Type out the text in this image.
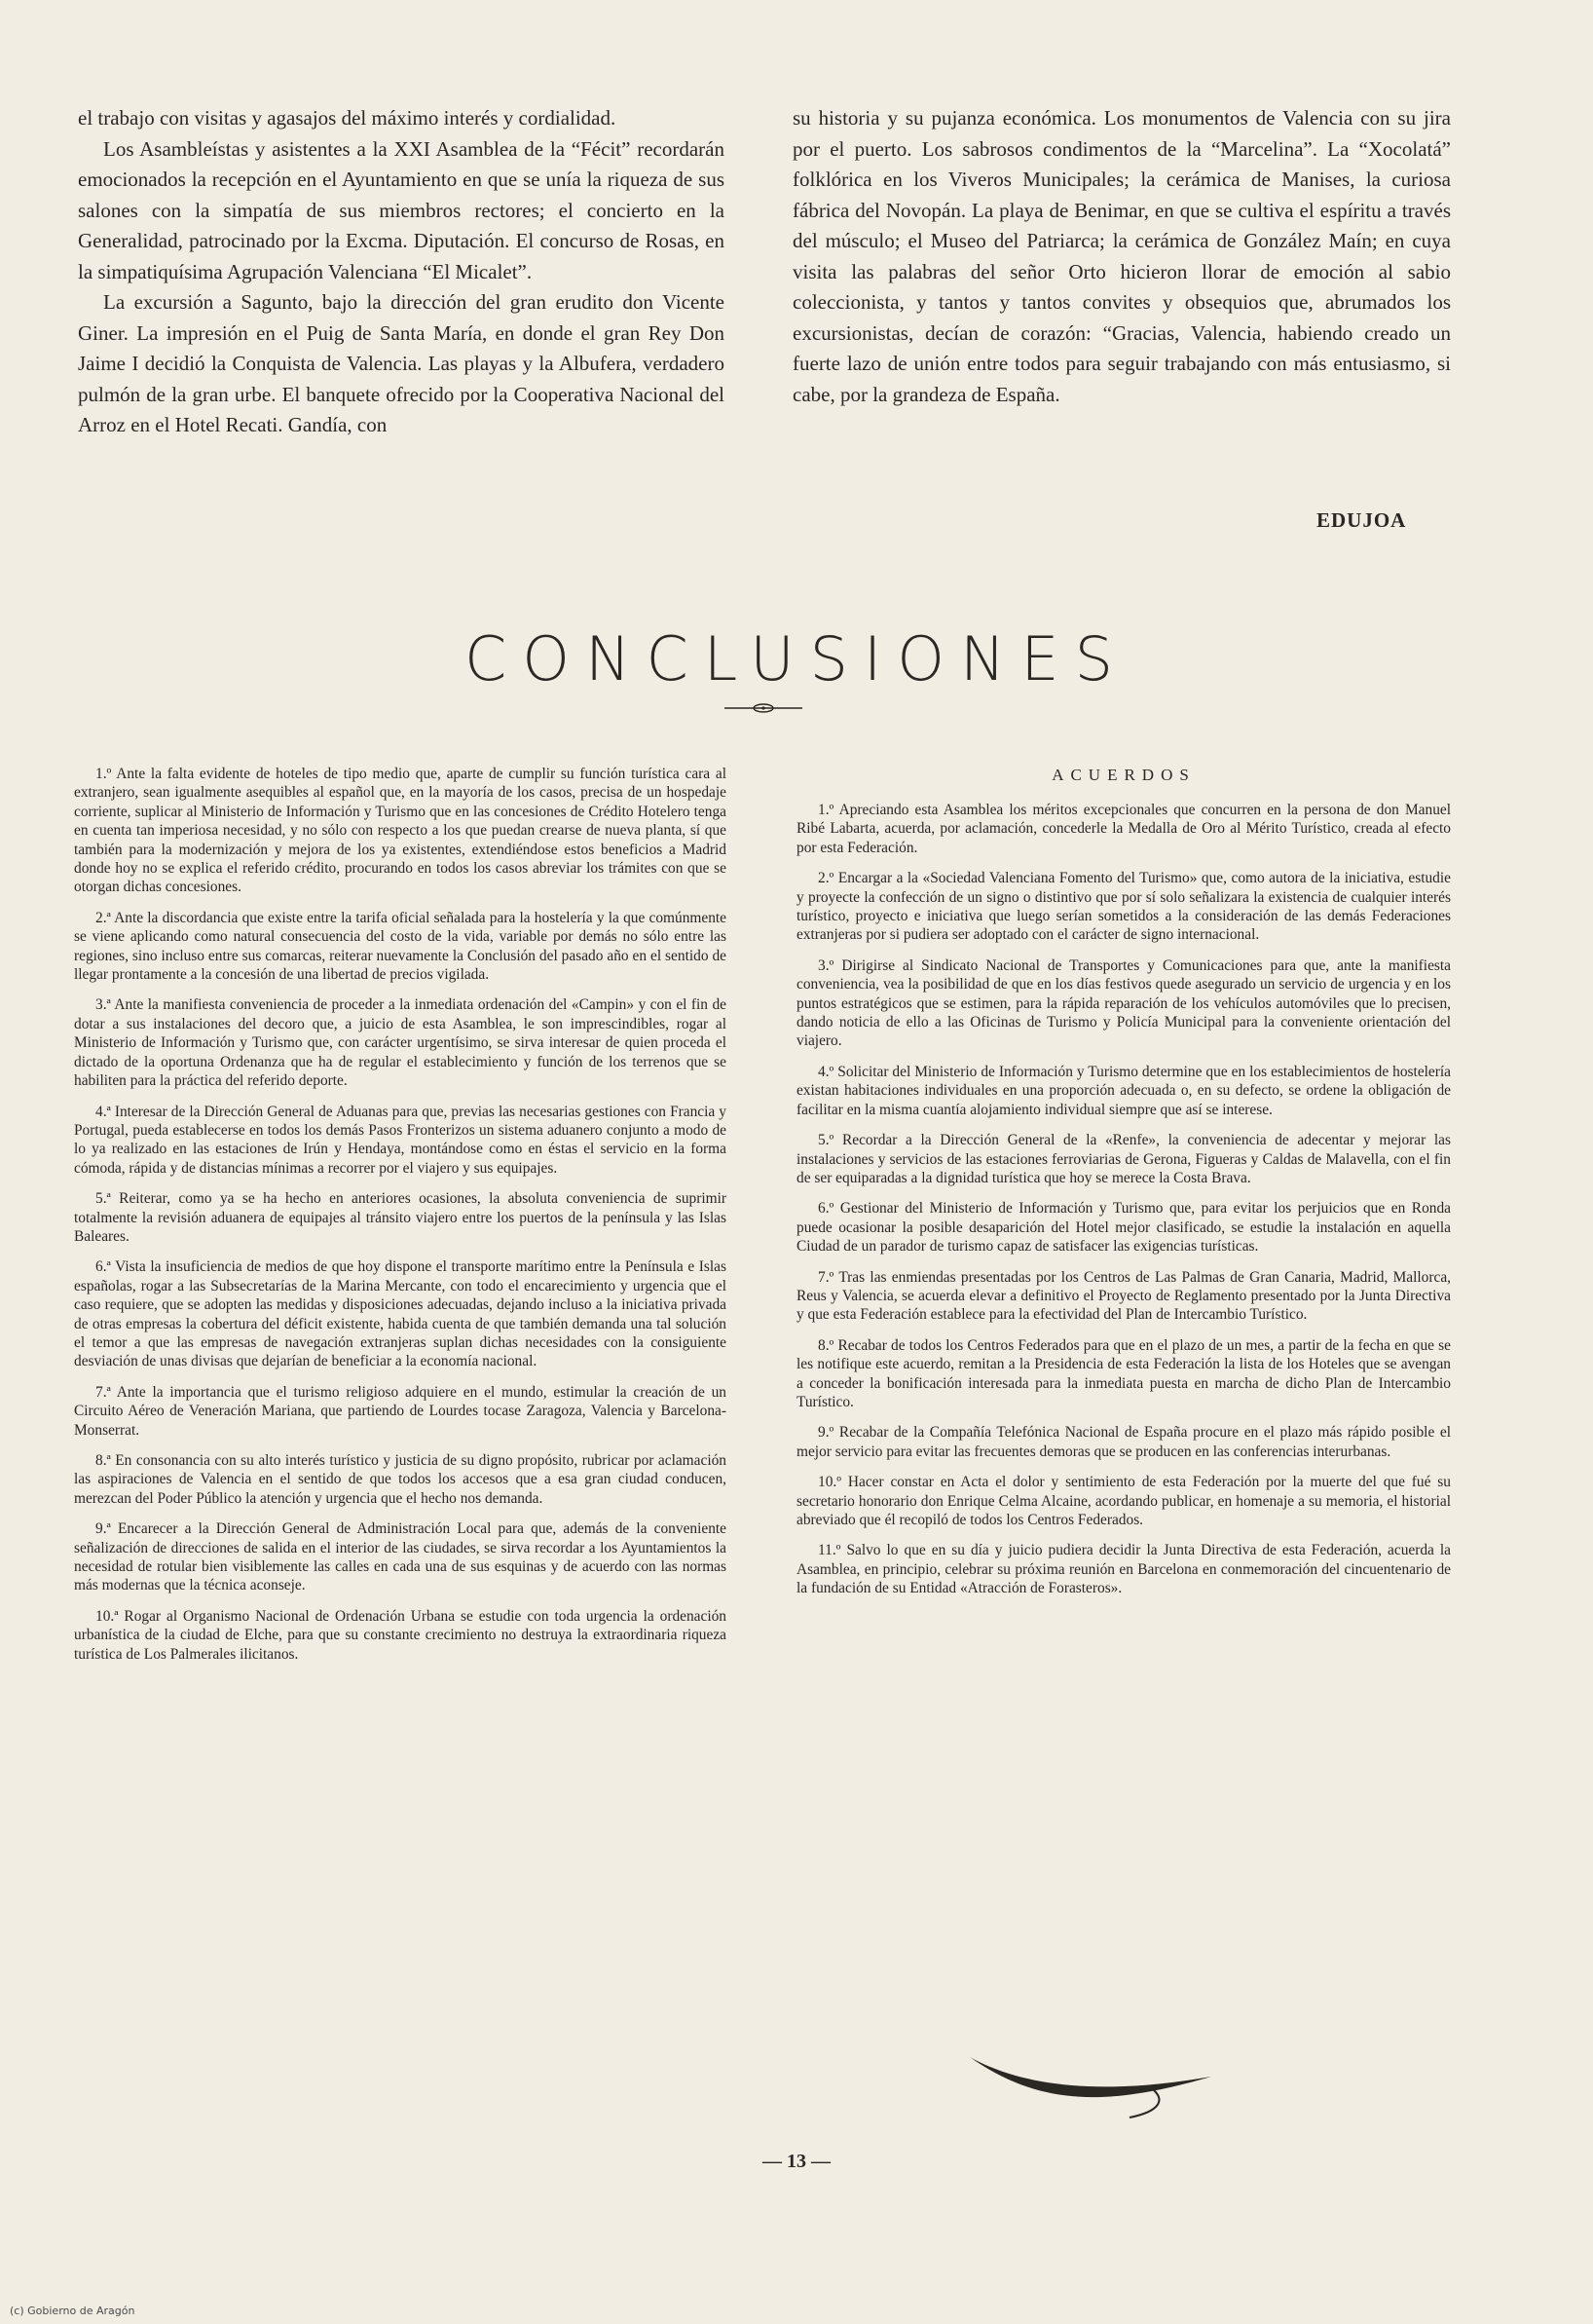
el trabajo con visitas y agasajos del máximo interés y cordialidad.

Los Asambleístas y asistentes a la XXI Asamblea de la “Fécit” recordarán emocionados la recepción en el Ayuntamiento en que se unía la riqueza de sus salones con la simpatía de sus miembros rectores; el concierto en la Generalidad, patrocinado por la Excma. Diputación. El concurso de Rosas, en la simpatiquísima Agrupación Valenciana “El Micalet”.

La excursión a Sagunto, bajo la dirección del gran erudito don Vicente Giner. La impresión en el Puig de Santa María, en donde el gran Rey Don Jaime I decidió la Conquista de Valencia. Las playas y la Albufera, verdadero pulmón de la gran urbe. El banquete ofrecido por la Cooperativa Nacional del Arroz en el Hotel Recati. Gandía, con

su historia y su pujanza económica. Los monumentos de Valencia con su jira por el puerto. Los sabrosos condimentos de la “Marcelina”. La “Xocolatá” folklórica en los Viveros Municipales; la cerámica de Manises, la curiosa fábrica del Novopán. La playa de Benimar, en que se cultiva el espíritu a través del músculo; el Museo del Patriarca; la cerámica de González Maín; en cuya visita las palabras del señor Orto hicieron llorar de emoción al sabio coleccionista, y tantos y tantos convites y obsequios que, abrumados los excursionistas, decían de corazón: “Gracias, Valencia, habiendo creado un fuerte lazo de unión entre todos para seguir trabajando con más entusiasmo, si cabe, por la grandeza de España.

EDUJOA
CONCLUSIONES

1.º Ante la falta evidente de hoteles de tipo medio que, aparte de cumplir su función turística cara al extranjero, sean igualmente asequibles al español que, en la mayoría de los casos, precisa de un hospedaje corriente, suplicar al Ministerio de Información y Turismo que en las concesiones de Crédito Hotelero tenga en cuenta tan imperiosa necesidad, y no sólo con respecto a los que puedan crearse de nueva planta, sí que también para la modernización y mejora de los ya existentes, extendiéndose estos beneficios a Madrid donde hoy no se explica el referido crédito, procurando en todos los casos abreviar los trámites con que se otorgan dichas concesiones.

2.ª Ante la discordancia que existe entre la tarifa oficial señalada para la hostelería y la que comúnmente se viene aplicando como natural consecuencia del costo de la vida, variable por demás no sólo entre las regiones, sino incluso entre sus comarcas, reiterar nuevamente la Conclusión del pasado año en el sentido de llegar prontamente a la concesión de una libertad de precios vigilada.

3.ª Ante la manifiesta conveniencia de proceder a la inmediata ordenación del «Campin» y con el fin de dotar a sus instalaciones del decoro que, a juicio de esta Asamblea, le son imprescindibles, rogar al Ministerio de Información y Turismo que, con carácter urgentísimo, se sirva interesar de quien proceda el dictado de la oportuna Ordenanza que ha de regular el establecimiento y función de los terrenos que se habiliten para la práctica del referido deporte.

4.ª Interesar de la Dirección General de Aduanas para que, previas las necesarias gestiones con Francia y Portugal, pueda establecerse en todos los demás Pasos Fronterizos un sistema aduanero conjunto a modo de lo ya realizado en las estaciones de Irún y Hendaya, montándose como en éstas el servicio en la forma cómoda, rápida y de distancias mínimas a recorrer por el viajero y sus equipajes.

5.ª Reiterar, como ya se ha hecho en anteriores ocasiones, la absoluta conveniencia de suprimir totalmente la revisión aduanera de equipajes al tránsito viajero entre los puertos de la península y las Islas Baleares.

6.ª Vista la insuficiencia de medios de que hoy dispone el transporte marítimo entre la Península e Islas españolas, rogar a las Subsecretarías de la Marina Mercante, con todo el encarecimiento y urgencia que el caso requiere, que se adopten las medidas y disposiciones adecuadas, dejando incluso a la iniciativa privada de otras empresas la cobertura del déficit existente, habida cuenta de que también demanda una tal solución el temor a que las empresas de navegación extranjeras suplan dichas necesidades con la consiguiente desviación de unas divisas que dejarían de beneficiar a la economía nacional.

7.ª Ante la importancia que el turismo religioso adquiere en el mundo, estimular la creación de un Circuito Aéreo de Veneración Mariana, que partiendo de Lourdes tocase Zaragoza, Valencia y Barcelona-Monserrat.

8.ª En consonancia con su alto interés turístico y justicia de su digno propósito, rubricar por aclamación las aspiraciones de Valencia en el sentido de que todos los accesos que a esa gran ciudad conducen, merezcan del Poder Público la atención y urgencia que el hecho nos demanda.

9.ª Encarecer a la Dirección General de Administración Local para que, además de la conveniente señalización de direcciones de salida en el interior de las ciudades, se sirva recordar a los Ayuntamientos la necesidad de rotular bien visiblemente las calles en cada una de sus esquinas y de acuerdo con las normas más modernas que la técnica aconseje.

10.ª Rogar al Organismo Nacional de Ordenación Urbana se estudie con toda urgencia la ordenación urbanística de la ciudad de Elche, para que su constante crecimiento no destruya la extraordinaria riqueza turística de Los Palmerales ilicitanos.

ACUERDOS

1.º Apreciando esta Asamblea los méritos excepcionales que concurren en la persona de don Manuel Ribé Labarta, acuerda, por aclamación, concederle la Medalla de Oro al Mérito Turístico, creada al efecto por esta Federación.

2.º Encargar a la «Sociedad Valenciana Fomento del Turismo» que, como autora de la iniciativa, estudie y proyecte la confección de un signo o distintivo que por sí solo señalizara la existencia de cualquier interés turístico, proyecto e iniciativa que luego serían sometidos a la consideración de las demás Federaciones extranjeras por si pudiera ser adoptado con el carácter de signo internacional.

3.º Dirigirse al Sindicato Nacional de Transportes y Comunicaciones para que, ante la manifiesta conveniencia, vea la posibilidad de que en los días festivos quede asegurado un servicio de urgencia y en los puntos estratégicos que se estimen, para la rápida reparación de los vehículos automóviles que lo precisen, dando noticia de ello a las Oficinas de Turismo y Policía Municipal para la conveniente orientación del viajero.

4.º Solicitar del Ministerio de Información y Turismo determine que en los establecimientos de hostelería existan habitaciones individuales en una proporción adecuada o, en su defecto, se ordene la obligación de facilitar en la misma cuantía alojamiento individual siempre que así se interese.

5.º Recordar a la Dirección General de la «Renfe», la conveniencia de adecentar y mejorar las instalaciones y servicios de las estaciones ferroviarias de Gerona, Figueras y Caldas de Malavella, con el fin de ser equiparadas a la dignidad turística que hoy se merece la Costa Brava.

6.º Gestionar del Ministerio de Información y Turismo que, para evitar los perjuicios que en Ronda puede ocasionar la posible desaparición del Hotel mejor clasificado, se estudie la instalación en aquella Ciudad de un parador de turismo capaz de satisfacer las exigencias turísticas.

7.º Tras las enmiendas presentadas por los Centros de Las Palmas de Gran Canaria, Madrid, Mallorca, Reus y Valencia, se acuerda elevar a definitivo el Proyecto de Reglamento presentado por la Junta Directiva y que esta Federación establece para la efectividad del Plan de Intercambio Turístico.

8.º Recabar de todos los Centros Federados para que en el plazo de un mes, a partir de la fecha en que se les notifique este acuerdo, remitan a la Presidencia de esta Federación la lista de los Hoteles que se avengan a conceder la bonificación interesada para la inmediata puesta en marcha de dicho Plan de Intercambio Turístico.

9.º Recabar de la Compañía Telefónica Nacional de España procure en el plazo más rápido posible el mejor servicio para evitar las frecuentes demoras que se producen en las conferencias interurbanas.

10.º Hacer constar en Acta el dolor y sentimiento de esta Federación por la muerte del que fué su secretario honorario don Enrique Celma Alcaine, acordando publicar, en homenaje a su memoria, el historial abreviado que él recopiló de todos los Centros Federados.

11.º Salvo lo que en su día y juicio pudiera decidir la Junta Directiva de esta Federación, acuerda la Asamblea, en principio, celebrar su próxima reunión en Barcelona en conmemoración del cincuentenario de la fundación de su Entidad «Atracción de Forasteros».

— 13 —
(c) Gobierno de Aragón
